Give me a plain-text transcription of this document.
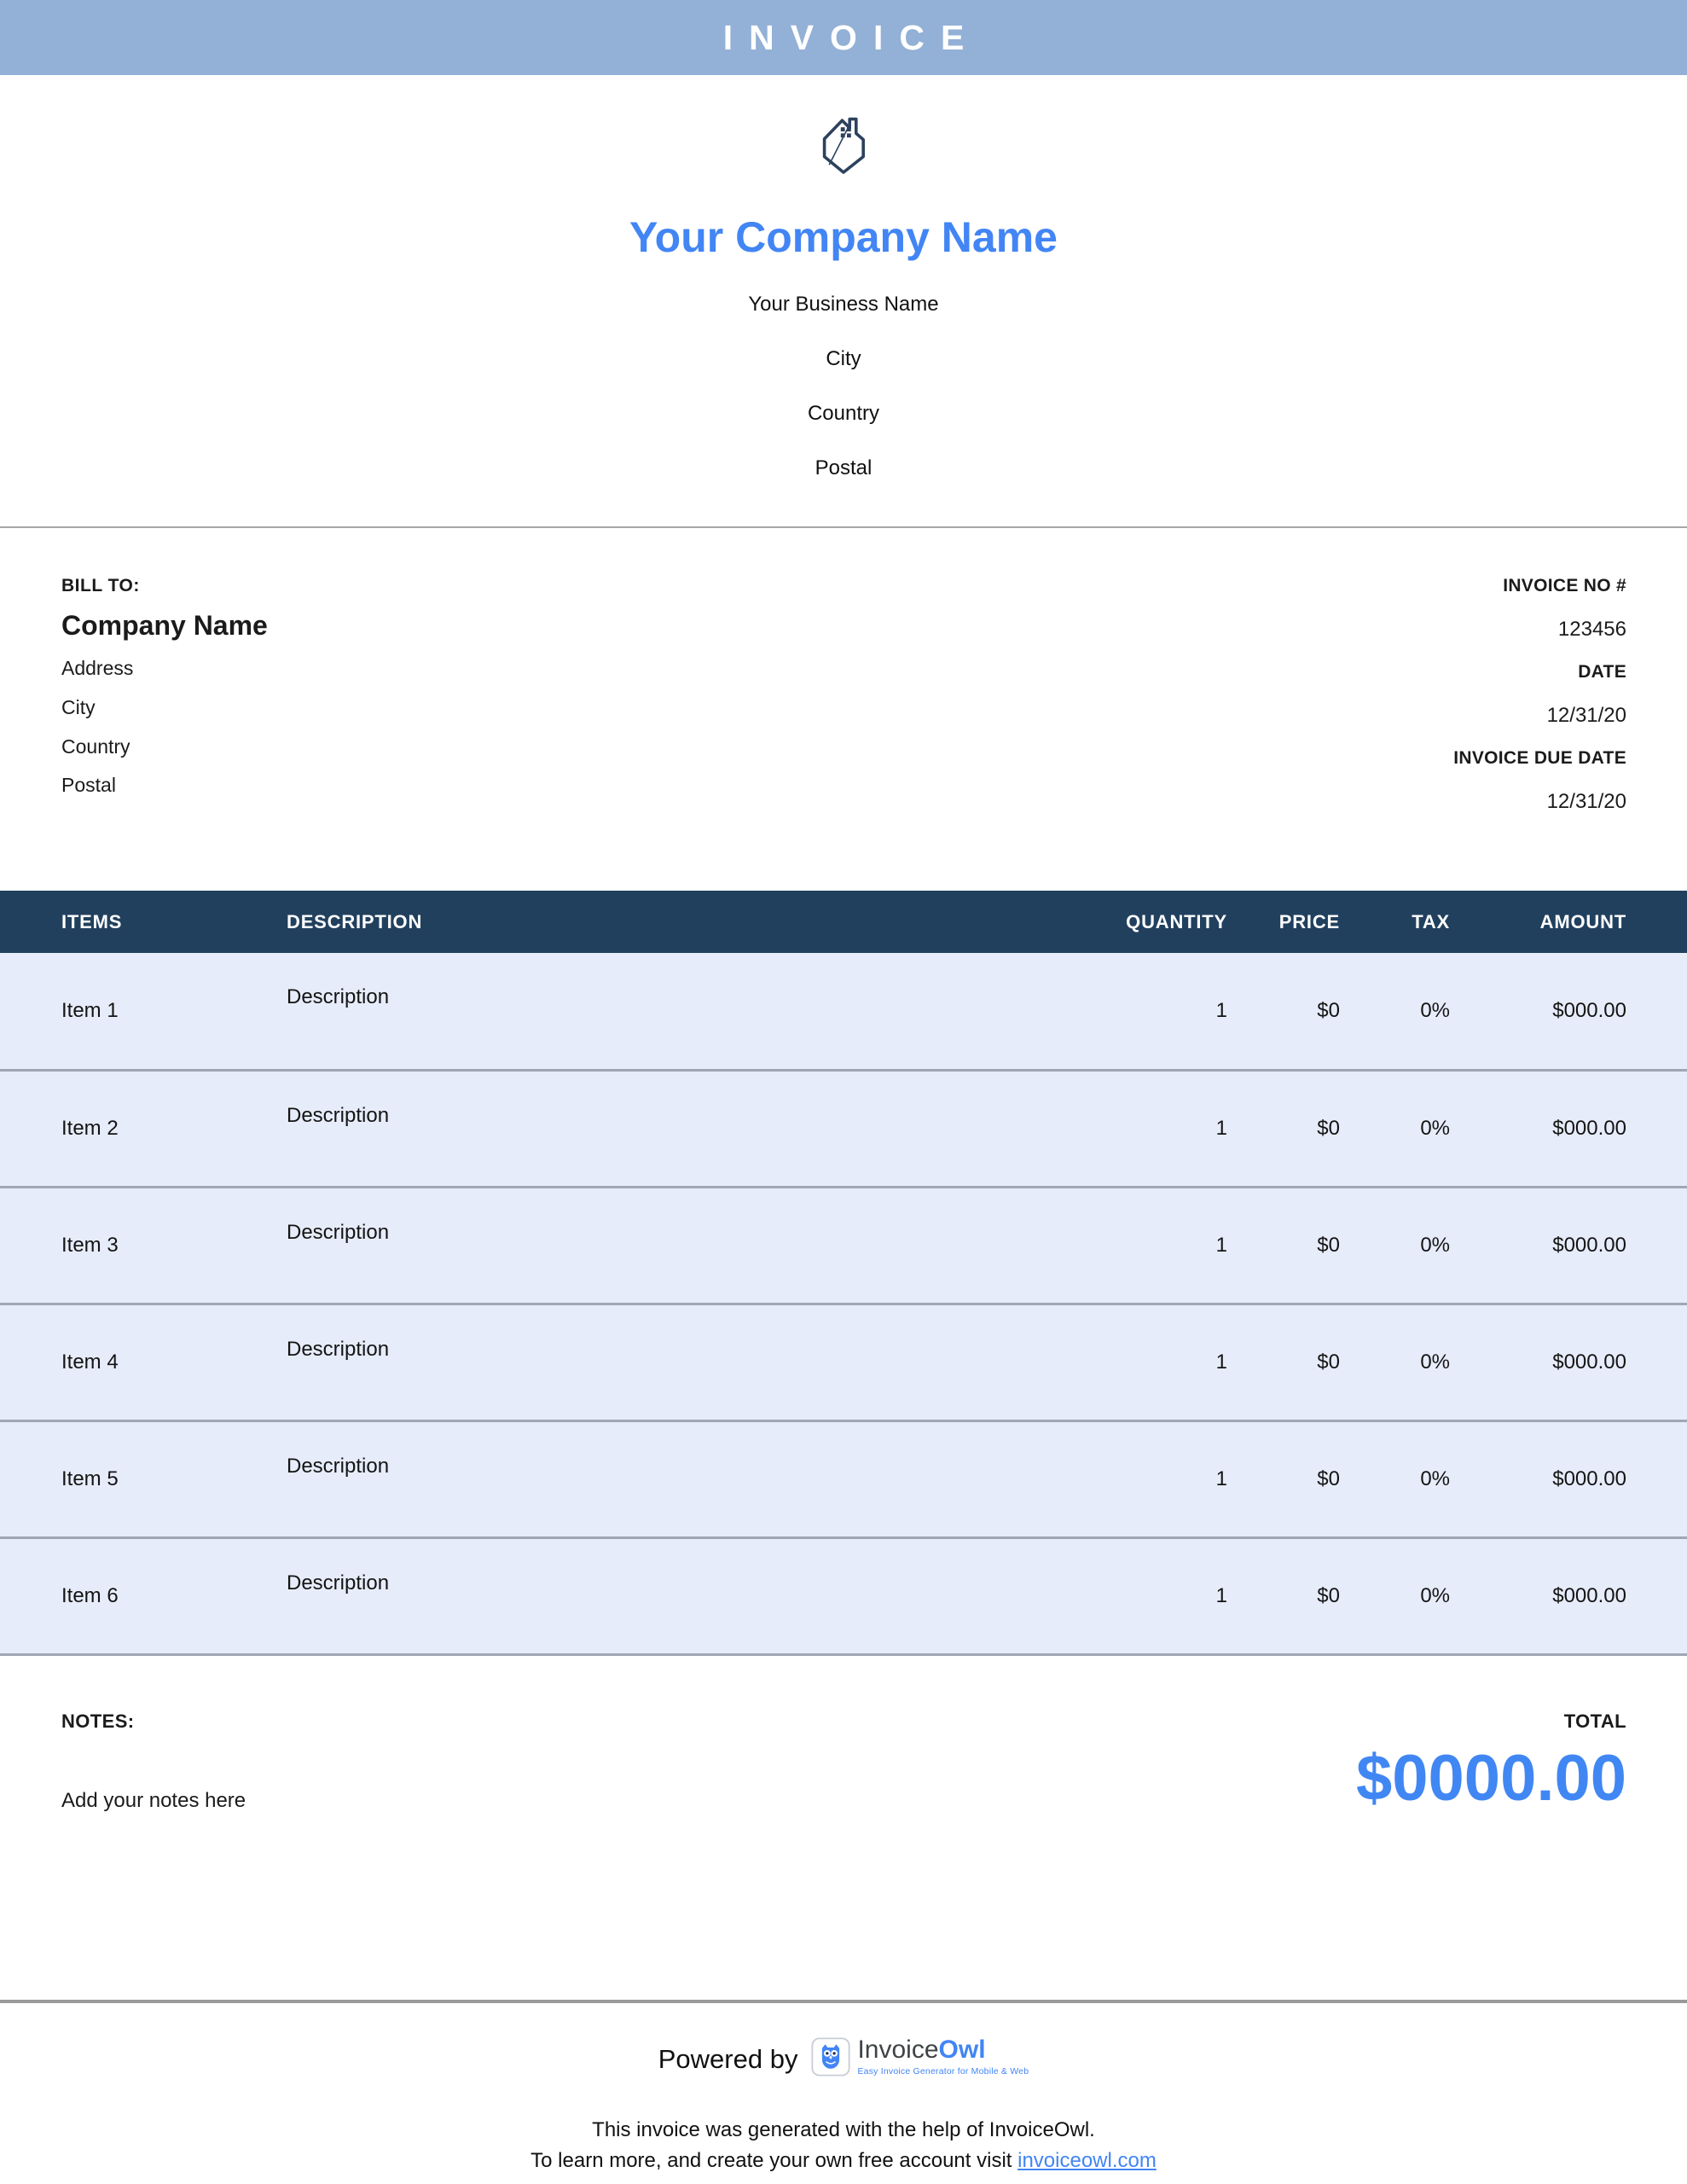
INVOICE
Your Company Name
Your Business Name
City
Country
Postal
BILL TO:
Company Name
Address
City
Country
Postal
INVOICE NO #
123456
DATE
12/31/20
INVOICE DUE DATE
12/31/20
ITEMS	DESCRIPTION	QUANTITY	PRICE	TAX	AMOUNT
Item 1	Description	1	$0	0%	$000.00
Item 2	Description	1	$0	0%	$000.00
Item 3	Description	1	$0	0%	$000.00
Item 4	Description	1	$0	0%	$000.00
Item 5	Description	1	$0	0%	$000.00
Item 6	Description	1	$0	0%	$000.00
NOTES:
Add your notes here
TOTAL
$0000.00
Powered by InvoiceOwl
Easy Invoice Generator for Mobile & Web
This invoice was generated with the help of InvoiceOwl.
To learn more, and create your own free account visit invoiceowl.com
